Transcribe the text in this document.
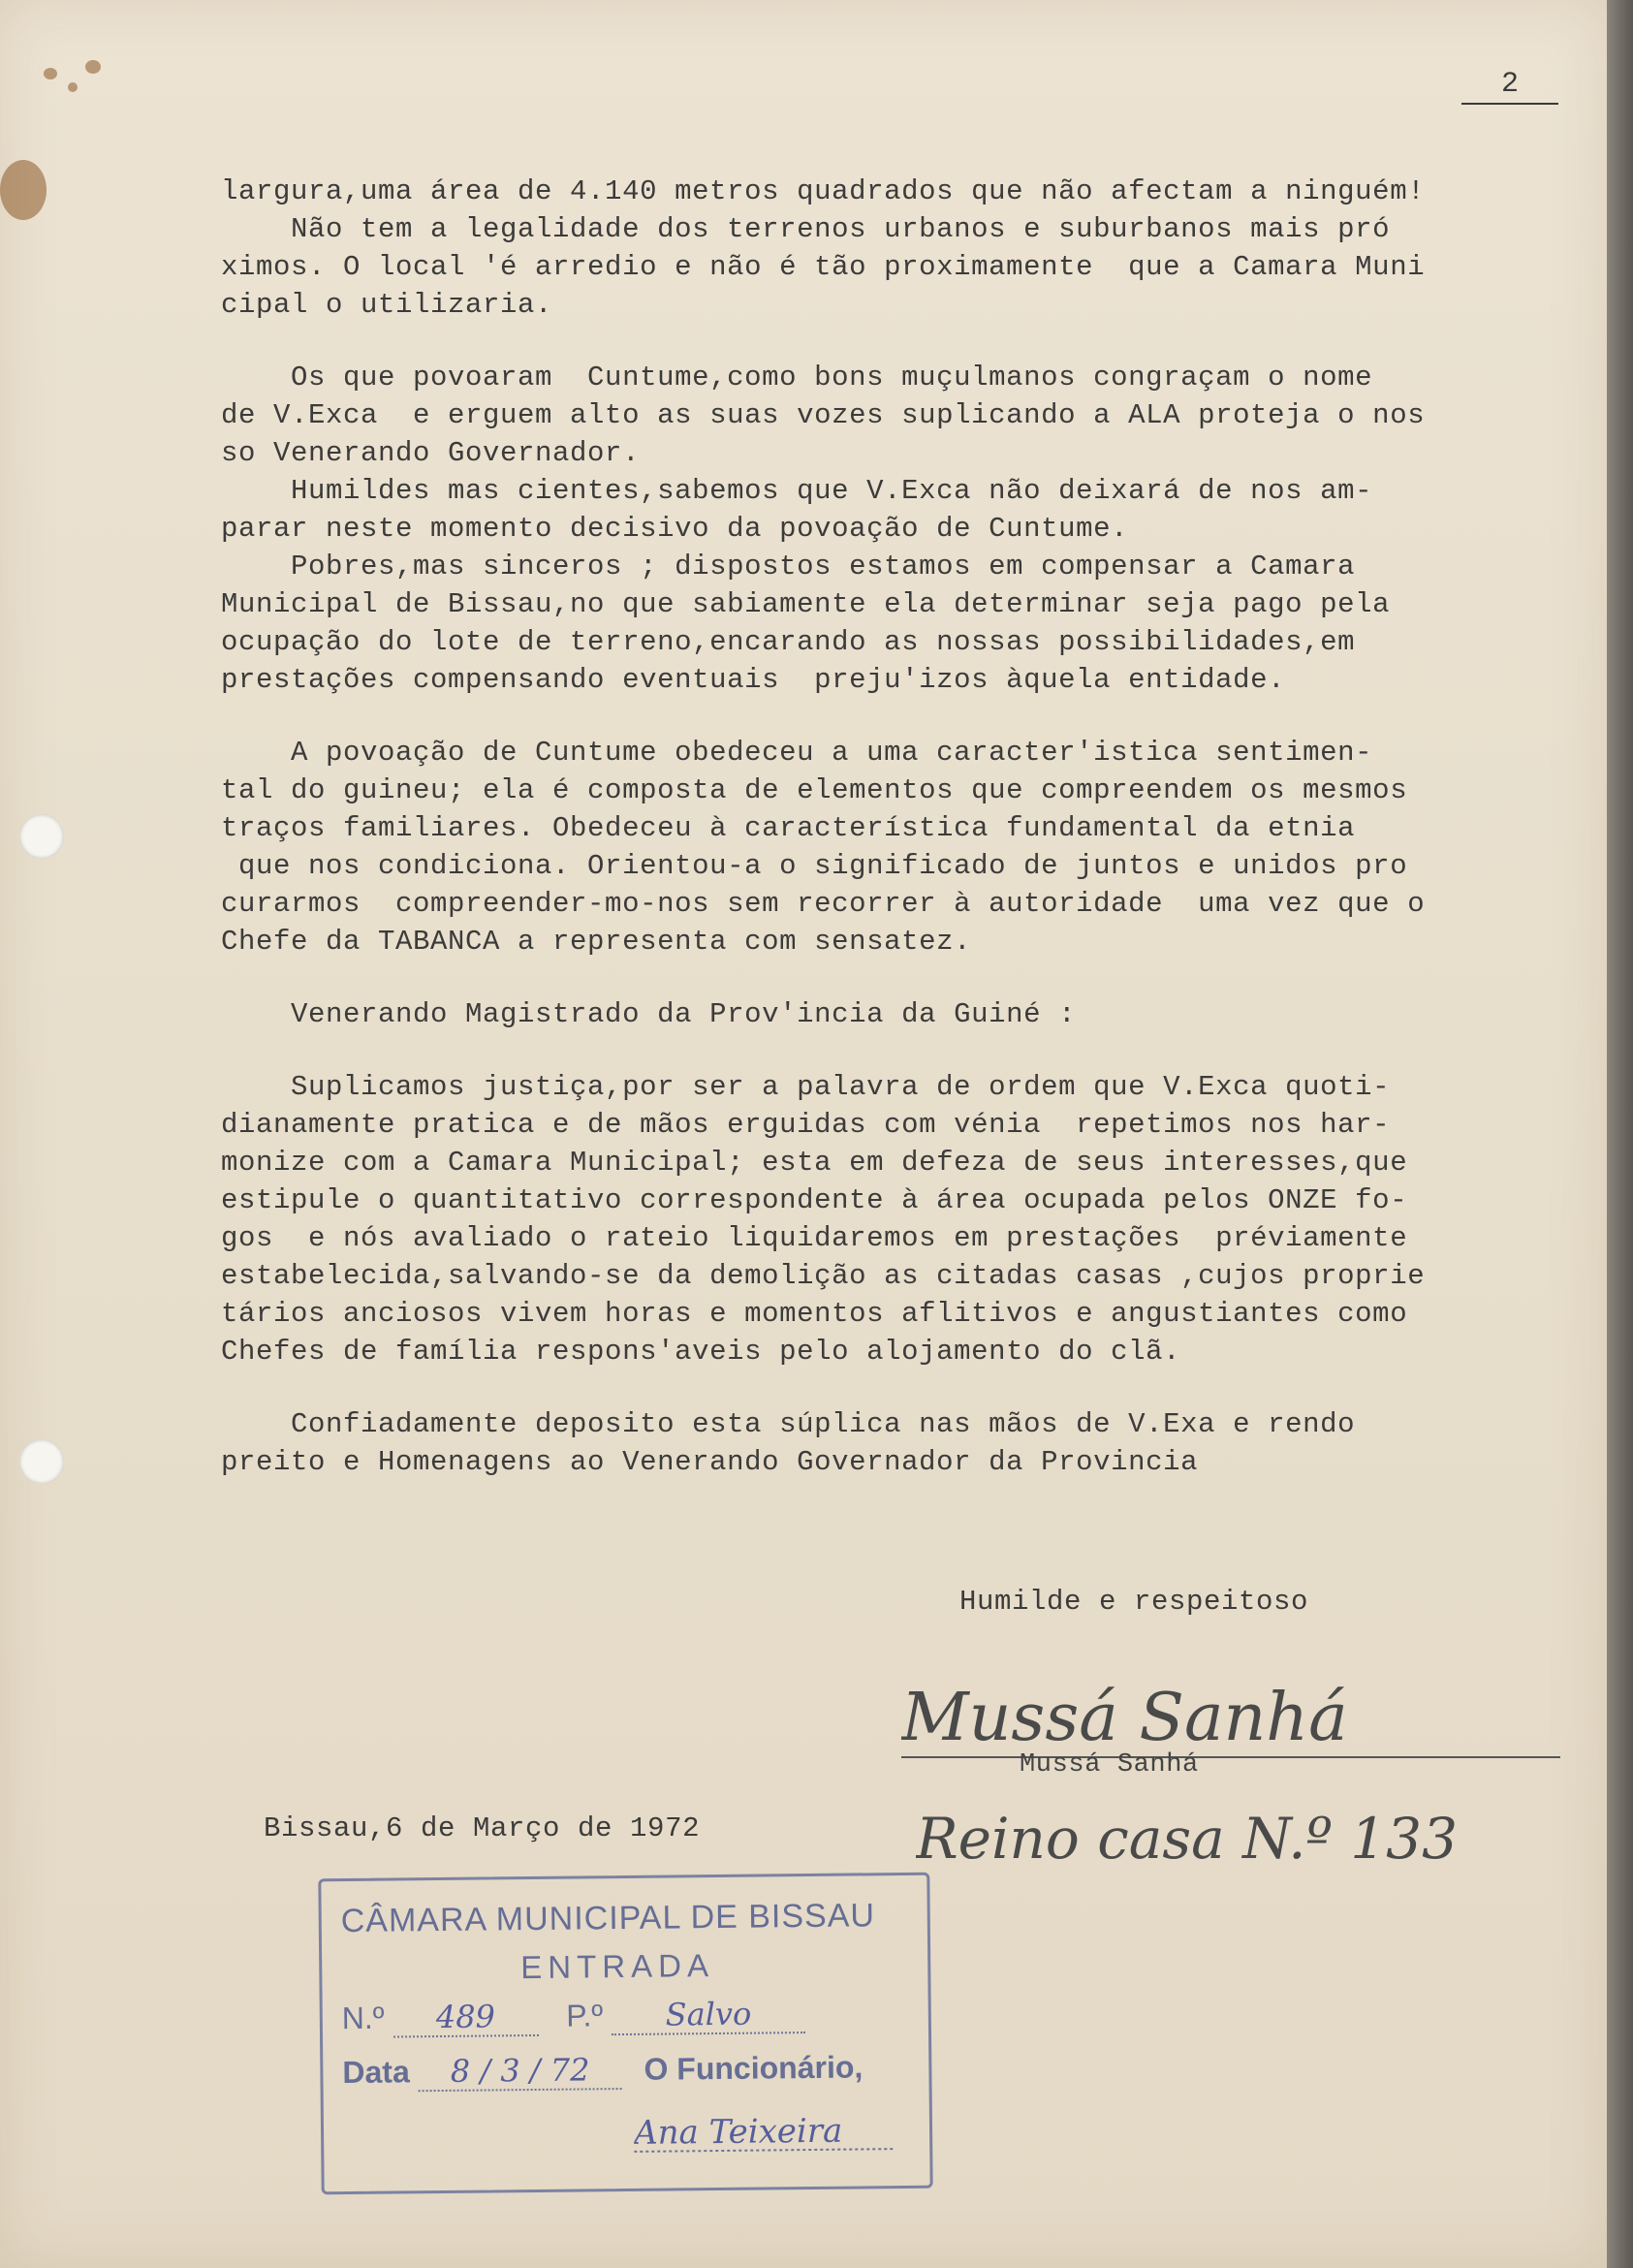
2
largura,uma área de 4.140 metros quadrados que não afectam a ninguém!
Não tem a legalidade dos terrenos urbanos e suburbanos mais pró
ximos. O local 'é arredio e não é tão proximamente  que a Camara Muni
cipal o utilizaria.
Os que povoaram  Cuntume,como bons muçulmanos congraçam o nome
de V.Exca  e erguem alto as suas vozes suplicando a ALA proteja o nos
so Venerando Governador.
Humildes mas cientes,sabemos que V.Exca não deixará de nos am-
parar neste momento decisivo da povoação de Cuntume.
Pobres,mas sinceros ; dispostos estamos em compensar a Camara
Municipal de Bissau,no que sabiamente ela determinar seja pago pela
ocupação do lote de terreno,encarando as nossas possibilidades,em
prestações compensando eventuais  preju'izos àquela entidade.
A povoação de Cuntume obedeceu a uma caracter'istica sentimen-
tal do guineu; ela é composta de elementos que compreendem os mesmos
traços familiares. Obedeceu à característica fundamental da etnia
que nos condiciona. Orientou-a o significado de juntos e unidos pro
curarmos  compreender-mo-nos sem recorrer à autoridade  uma vez que o
Chefe da TABANCA a representa com sensatez.
Venerando Magistrado da Prov'incia da Guiné :
Suplicamos justiça,por ser a palavra de ordem que V.Exca quoti-
dianamente pratica e de mãos erguidas com vénia  repetimos nos har-
monize com a Camara Municipal; esta em defeza de seus interesses,que
estipule o quantitativo correspondente à área ocupada pelos ONZE fo-
gos  e nós avaliado o rateio liquidaremos em prestações  préviamente
estabelecida,salvando-se da demolição as citadas casas ,cujos proprie
tários anciosos vivem horas e momentos aflitivos e angustiantes como
Chefes de família respons'aveis pelo alojamento do clã.
Confiadamente deposito esta súplica nas mãos de V.Exa e rendo
preito e Homenagens ao Venerando Governador da Provincia
Humilde e respeitoso
Mussá Sanhá
Mussá Sanhá
Bissau,6 de Março de 1972	Reino casa N.º 133
CÂMARA MUNICIPAL DE BISSAU
ENTRADA
N.º 489 P.º Salvo
Data 8 / 3 / 72 O Funcionário,
Ana Teixeira
